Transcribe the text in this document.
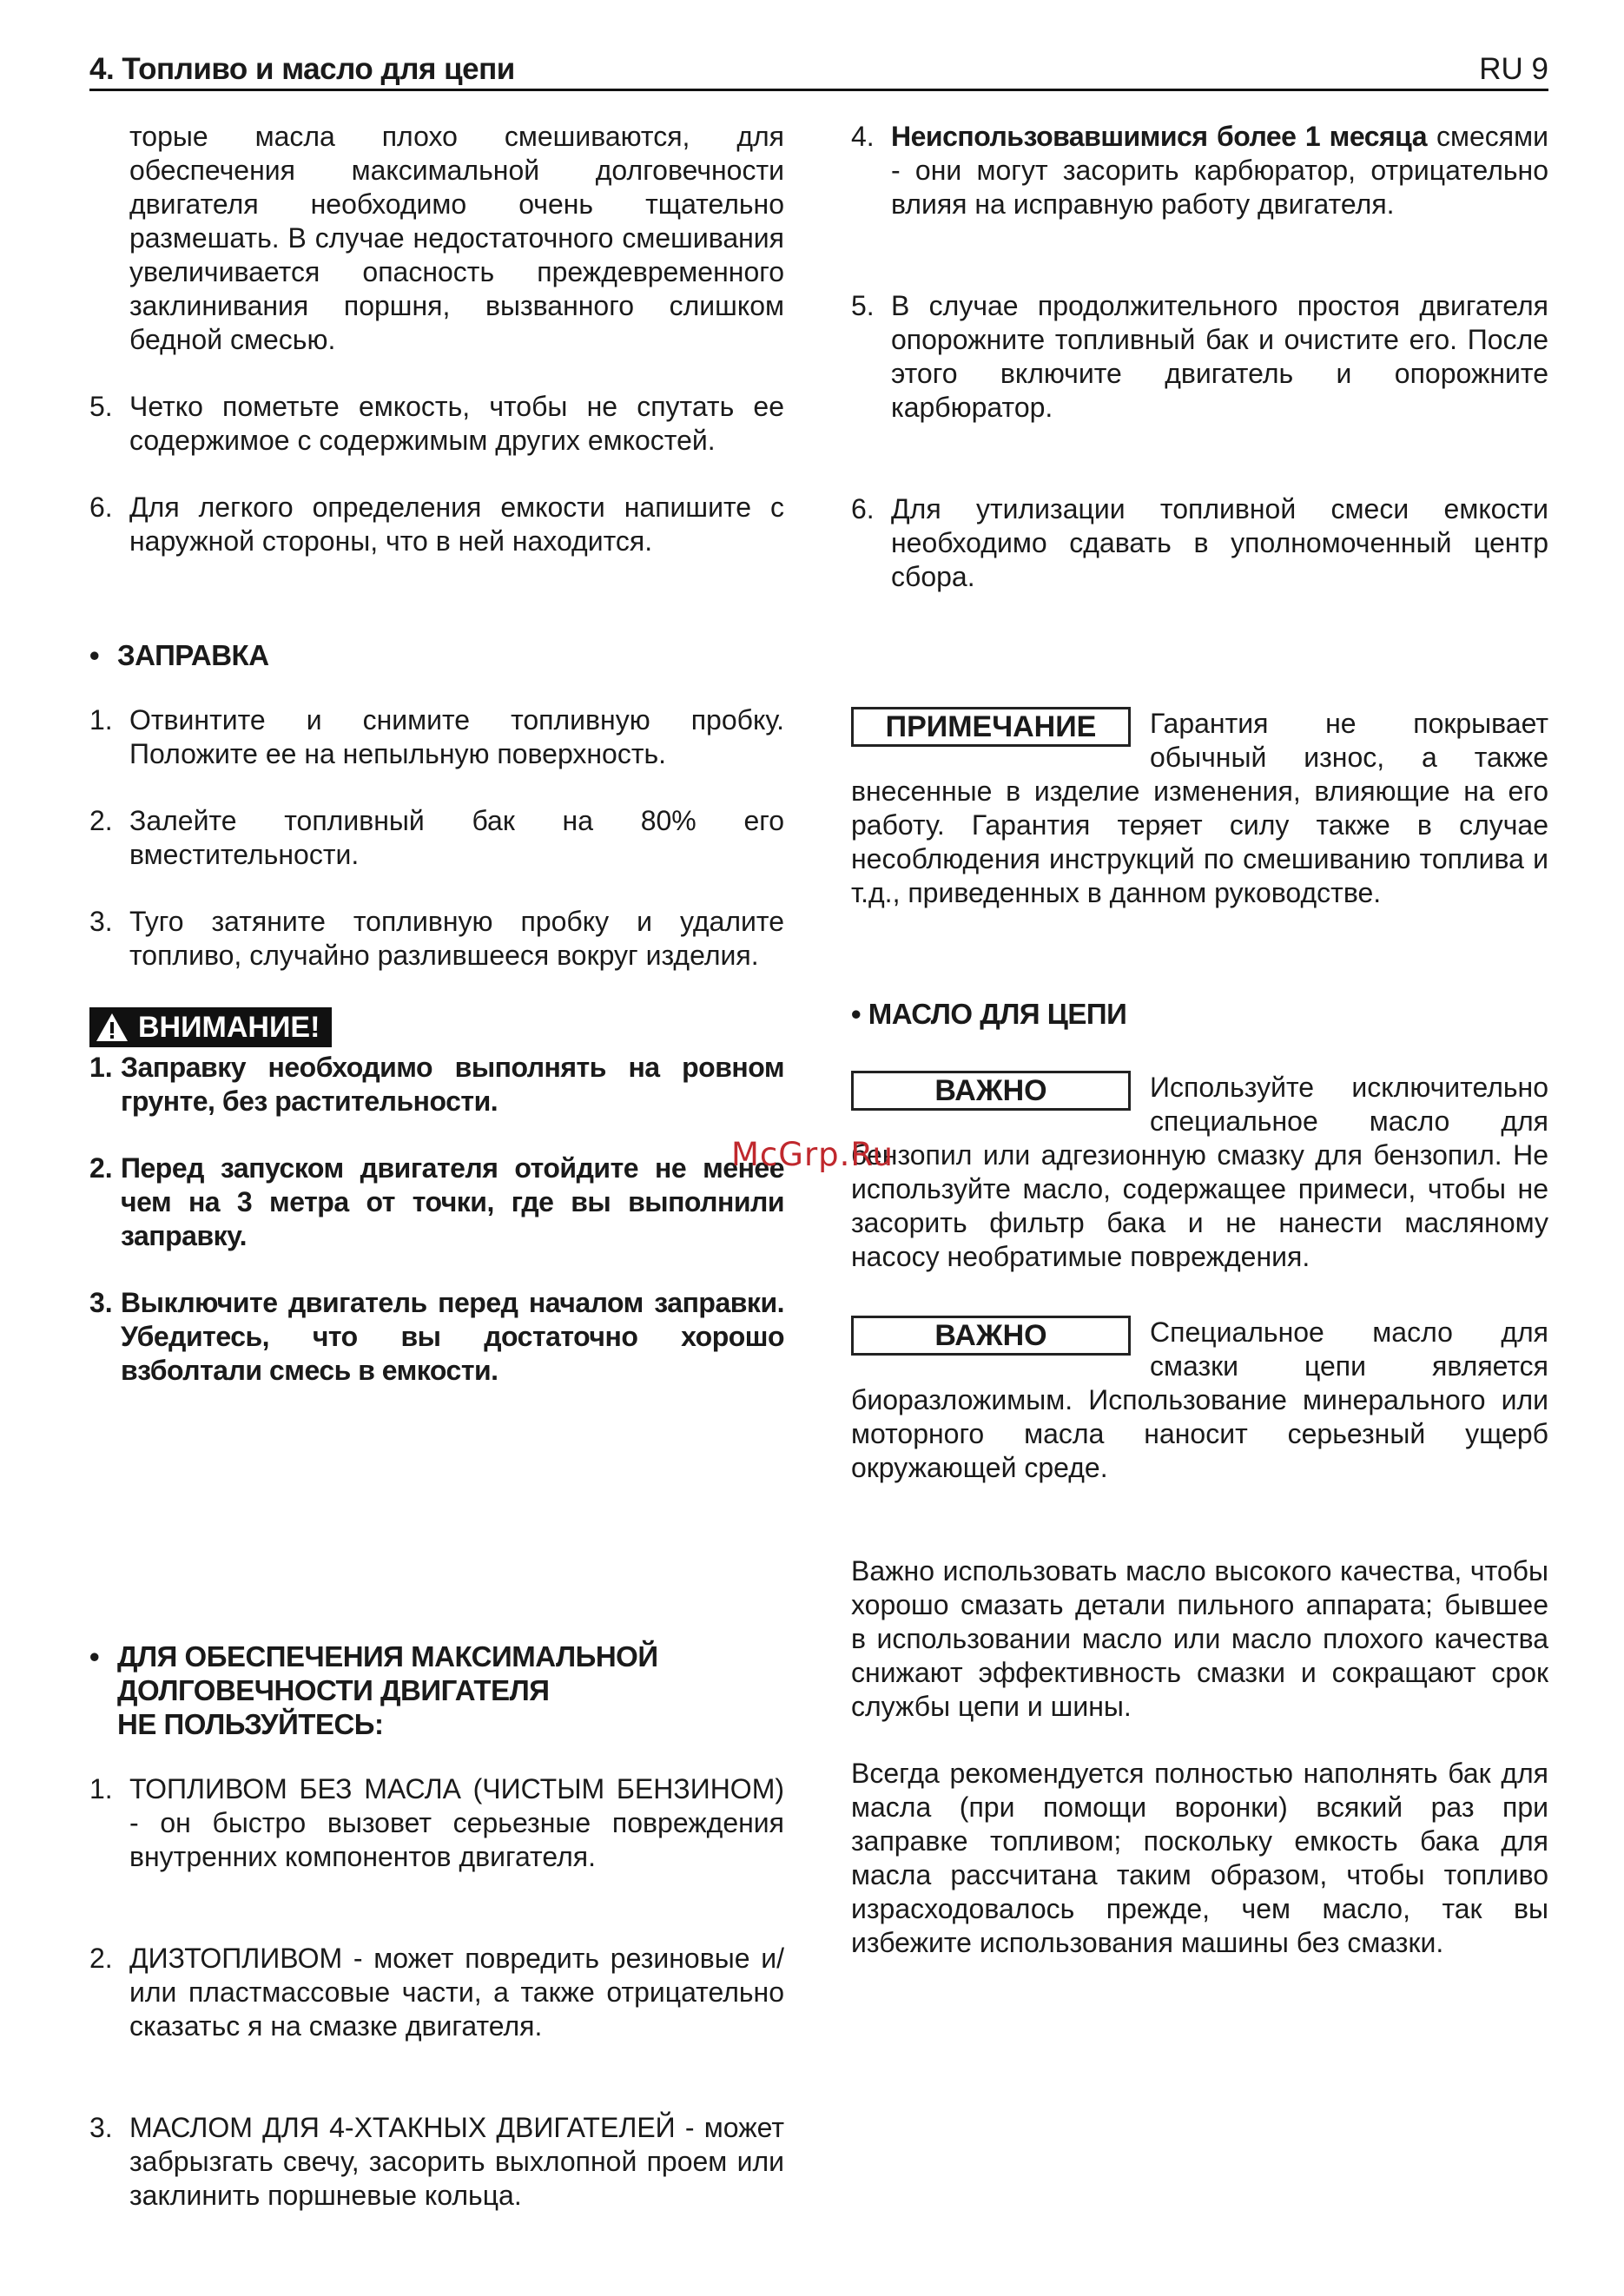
4. Топливо и масло для цепи	RU 9

торые масла плохо смешиваются, для обеспечения максимальной долговечности двигателя необходимо очень тщательно размешать. В случае недостаточного смешивания увеличивается опасность преждевременного заклинивания поршня, вызванного слишком бедной смесью.

5. Четко пометьте емкость, чтобы не спутать ее содержимое с содержимым других емкостей.
6. Для легкого определения емкости напишите с наружной стороны, что в ней находится.
• ЗАПРАВКА
1. Отвинтите и снимите топливную пробку. Положите ее на непыльную поверхность.
2. Залейте топливный бак на 80% его вместительности.
3. Туго затяните топливную пробку и удалите топливо, случайно разлившееся вокруг изделия.
ВНИМАНИЕ!
1. Заправку необходимо выполнять на ровном грунте, без растительности.
2. Перед запуском двигателя отойдите не менее чем на 3 метра от точки, где вы выполнили заправку.
3. Выключите двигатель перед началом заправки. Убедитесь, что вы достаточно хорошо взболтали смесь в емкости.
• ДЛЯ ОБЕСПЕЧЕНИЯ МАКСИМАЛЬНОЙ
ДОЛГОВЕЧНОСТИ ДВИГАТЕЛЯ
НЕ ПОЛЬЗУЙТЕСЬ:
1. ТОПЛИВОМ БЕЗ МАСЛА (ЧИСТЫМ БЕНЗИНОМ) - он быстро вызовет серьезные повреждения внутренних компонентов двигателя.
2. ДИЗТОПЛИВОМ - может повредить резиновые и/или пластмассовые части, а также отрицательно сказатьс я на смазке двигателя.
3. МАСЛОМ ДЛЯ 4-ХТАКНЫХ ДВИГАТЕЛЕЙ - может забрызгать свечу, засорить выхлопной проем или заклинить поршневые кольца.
4. Неиспользовавшимися более 1 месяца смесями - они могут засорить карбюратор, отрицательно влияя на исправную работу двигателя.
5. В случае продолжительного простоя двигателя опорожните топливный бак и очистите его. После этого включите двигатель и опорожните карбюратор.
6. Для утилизации топливной смеси емкости необходимо сдавать в уполномоченный центр сбора.

ПРИМЕЧАНИЕ	Гарантия не покрывает обычный износ, а также внесенные в изделие изменения, влияющие на его работу. Гарантия теряет силу также в случае несоблюдения инструкций по смешиванию топлива и т.д., приведенных в данном руководстве.

• МАСЛО ДЛЯ ЦЕПИ

ВАЖНО	Используйте исключительно специальное масло для бензопил или адгезионную смазку для бензопил. Не используйте масло, содержащее примеси, чтобы не засорить фильтр бака и не нанести масляному насосу необратимые повреждения.

ВАЖНО	Специальное масло для смазки цепи является биоразложимым. Использование минерального или моторного масла наносит серьезный ущерб окружающей среде.

Важно использовать масло высокого качества, чтобы хорошо смазать детали пильного аппарата; бывшее в использовании масло или масло плохого качества снижают эффективность смазки и сокращают срок службы цепи и шины.

Всегда рекомендуется полностью наполнять бак для масла (при помощи воронки) всякий раз при заправке топливом; поскольку емкость бака для масла рассчитана таким образом, чтобы топливо израсходовалось прежде, чем масло, так вы избежите использования машины без смазки.

McGrp.Ru
